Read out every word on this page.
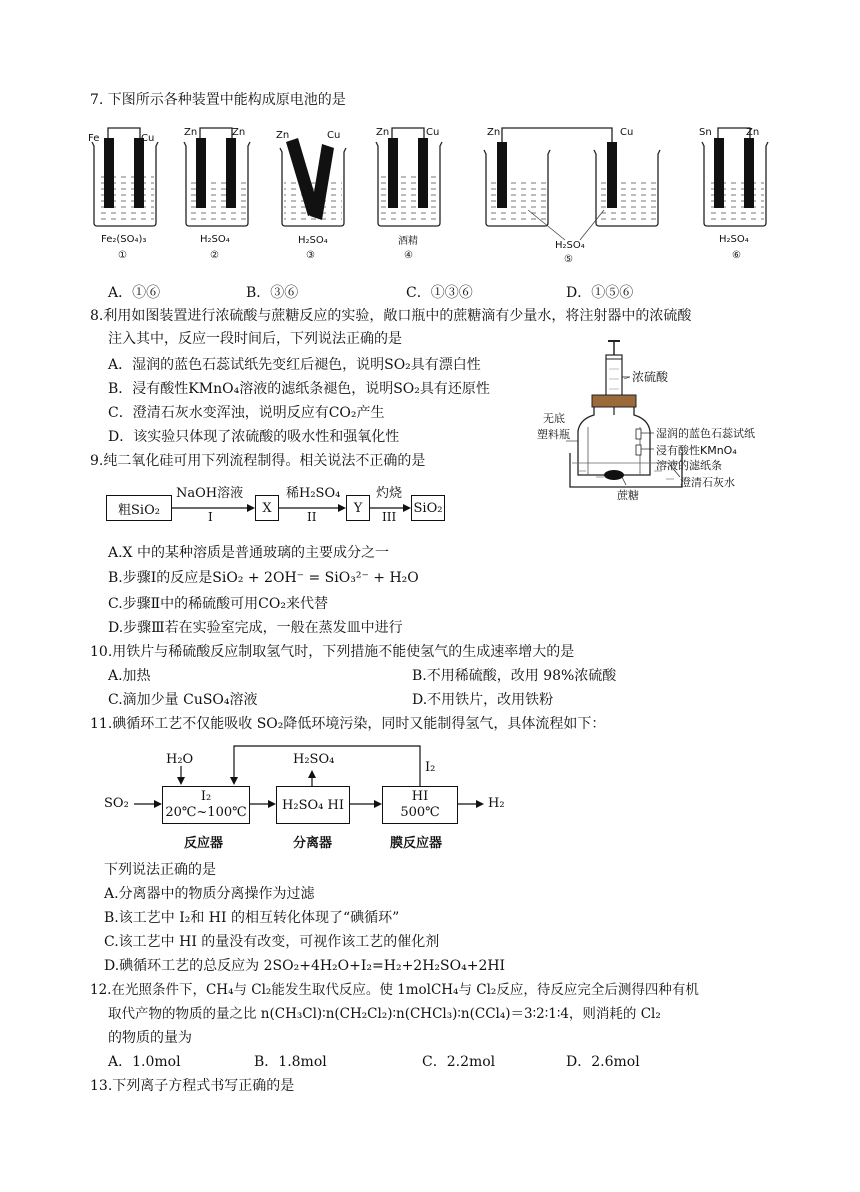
7. 下图所示各种装置中能构成原电池的是
Fe	Cu
Zn	Zn	Zn	Cu	Zn	Cu	Zn	Cu	Sn	Zn
Fe₂(SO₄)₃	H₂SO₄	H₂SO₄	酒精	H₂SO₄
H₂SO₄
①	②	③	④	⑤	⑥
A．①⑥	B．③⑥	C．①③⑥	D．①⑤⑥
8.利用如图装置进行浓硫酸与蔗糖反应的实验，敞口瓶中的蔗糖滴有少量水，将注射器中的浓硫酸
注入其中，反应一段时间后，下列说法正确的是
A．湿润的蓝色石蕊试纸先变红后褪色，说明SO₂具有漂白性
B．浸有酸性KMnO₄溶液的滤纸条褪色，说明SO₂具有还原性
C．澄清石灰水变浑浊，说明反应有CO₂产生
D．该实验只体现了浓硫酸的吸水性和强氧化性
浓硫酸
无底
塑料瓶	湿润的蓝色石蕊试纸
浸有酸性KMnO₄
溶液的滤纸条
澄清石灰水
蔗糖
9.纯二氧化硅可用下列流程制得。相关说法不正确的是
粗SiO₂	X	Y	SiO₂
NaOH溶液
I
稀H₂SO₄
II
灼烧
III
A.X 中的某种溶质是普通玻璃的主要成分之一
B.步骤Ⅰ的反应是SiO₂ + 2OH⁻ = SiO₃²⁻ + H₂O
C.步骤Ⅱ中的稀硫酸可用CO₂来代替
D.步骤Ⅲ若在实验室完成，一般在蒸发皿中进行
10.用铁片与稀硫酸反应制取氢气时，下列措施不能使氢气的生成速率增大的是
A.加热	B.不用稀硫酸，改用 98%浓硫酸
C.滴加少量 CuSO₄溶液	D.不用铁片，改用铁粉
11.碘循环工艺不仅能吸收 SO₂降低环境污染，同时又能制得氢气，具体流程如下：
I₂
20℃~100℃	H₂SO₄ HI
HI
500℃
H₂O
SO₂
H₂SO₄
I₂
H₂
反应器	分离器	膜反应器
下列说法正确的是
A.分离器中的物质分离操作为过滤
B.该工艺中 I₂和 HI 的相互转化体现了“碘循环”
C.该工艺中 HI 的量没有改变，可视作该工艺的催化剂
D.碘循环工艺的总反应为 2SO₂+4H₂O+I₂=H₂+2H₂SO₄+2HI
12.在光照条件下，CH₄与 Cl₂能发生取代反应。使 1molCH₄与 Cl₂反应，待反应完全后测得四种有机
取代产物的物质的量之比 n(CH₃Cl)∶n(CH₂Cl₂)∶n(CHCl₃)∶n(CCl₄)＝3∶2∶1∶4，则消耗的 Cl₂
的物质的量为
A．1.0mol	B．1.8mol	C．2.2mol	D．2.6mol
13.下列离子方程式书写正确的是
